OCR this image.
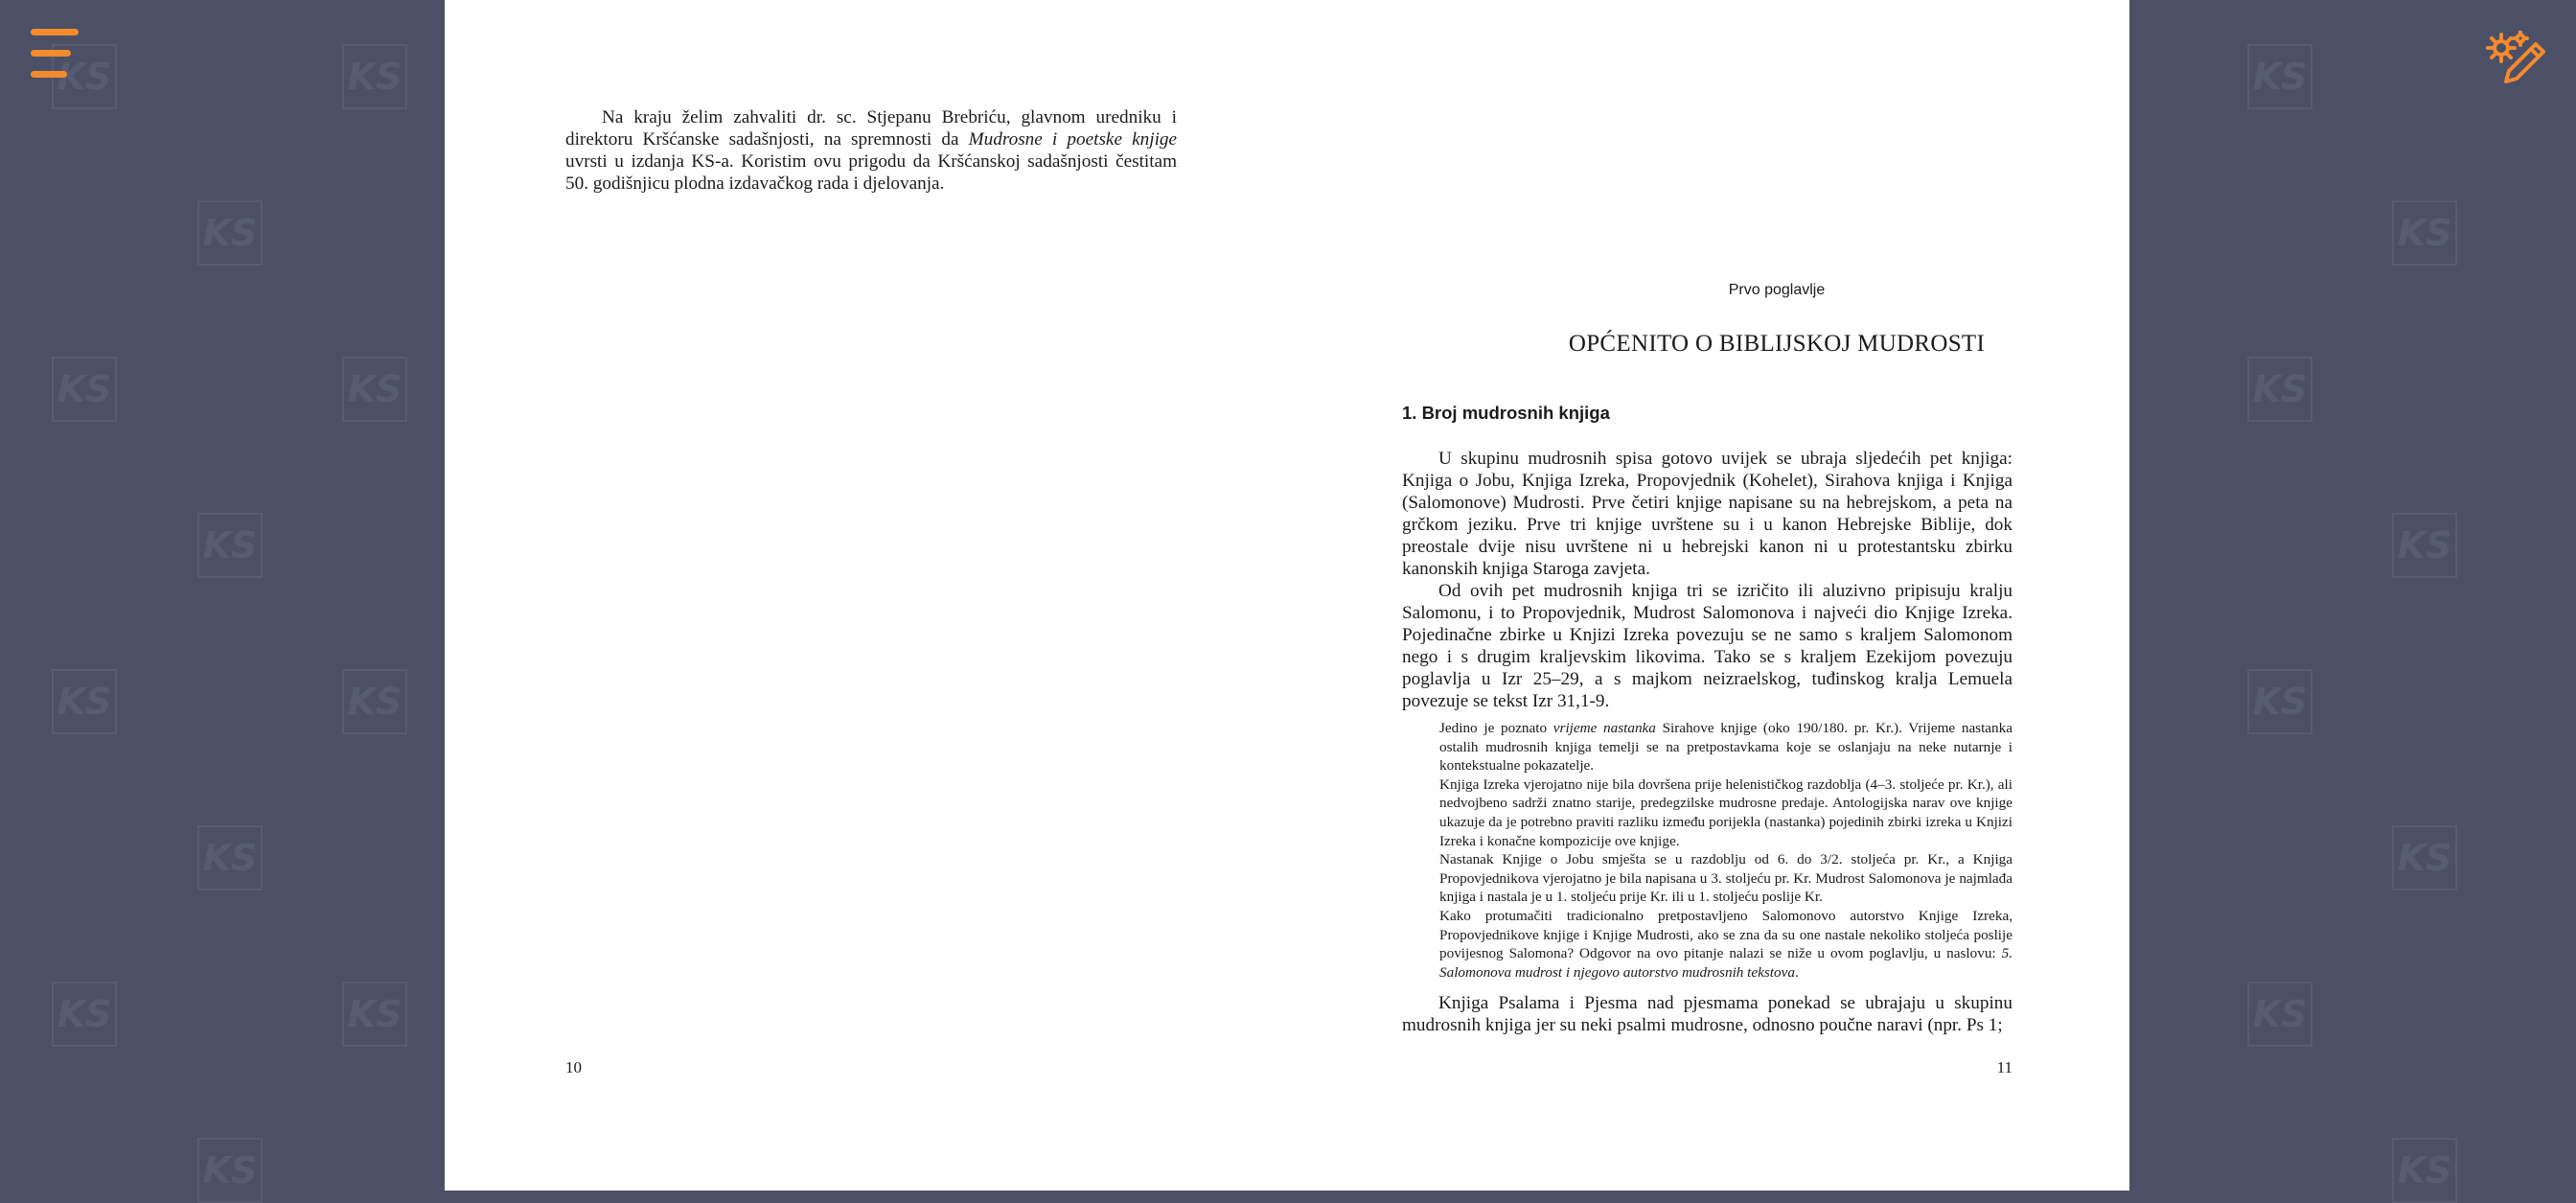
KS	KS	KS
KS	KS
KS	KS	KS
KS	KS
KS	KS	KS
KS	KS
KS	KS	KS
KS	KS

Na kraju želim zahvaliti dr. sc. Stjepanu Brebriću, glavnom uredniku i direktoru Kršćanske sadašnjosti, na spremnosti da Mudrosne i poetske knjige uvrsti u izdanja KS-a. Koristim ovu prigodu da Kršćanskoj sadašnjosti čestitam 50. godišnjicu plodna izdavačkog rada i djelovanja.

10
Prvo poglavlje
OPĆENITO O BIBLIJSKOJ MUDROSTI
1. Broj mudrosnih knjiga

U skupinu mudrosnih spisa gotovo uvijek se ubraja sljedećih pet knjiga: Knjiga o Jobu, Knjiga Izreka, Propovjednik (Kohelet), Sirahova knjiga i Knjiga (Salomonove) Mudrosti. Prve četiri knjige napisane su na hebrejskom, a peta na grčkom jeziku. Prve tri knjige uvrštene su i u kanon Hebrejske Biblije, dok preostale dvije nisu uvrštene ni u hebrejski kanon ni u protestantsku zbirku kanonskih knjiga Staroga zavjeta.

Od ovih pet mudrosnih knjiga tri se izričito ili aluzivno pripisuju kralju Salomonu, i to Propovjednik, Mudrost Salomonova i najveći dio Knjige Izreka. Pojedinačne zbirke u Knjizi Izreka povezuju se ne samo s kraljem Salomonom nego i s drugim kraljevskim likovima. Tako se s kraljem Ezekijom povezuju poglavlja u Izr 25–29, a s majkom neizraelskog, tuđinskog kralja Lemuela povezuje se tekst Izr 31,1-9.

Jedino je poznato vrijeme nastanka Sirahove knjige (oko 190/180. pr. Kr.). Vrijeme nastanka ostalih mudrosnih knjiga temelji se na pretpostavkama koje se oslanjaju na neke nutarnje i kontekstualne pokazatelje.

Knjiga Izreka vjerojatno nije bila dovršena prije helenističkog razdoblja (4–3. stoljeće pr. Kr.), ali nedvojbeno sadrži znatno starije, predegzilske mudrosne predaje. Antologijska narav ove knjige ukazuje da je potrebno praviti razliku između porijekla (nastanka) pojedinih zbirki izreka u Knjizi Izreka i konačne kompozicije ove knjige.

Nastanak Knjige o Jobu smješta se u razdoblju od 6. do 3/2. stoljeća pr. Kr., a Knjiga Propovjednikova vjerojatno je bila napisana u 3. stoljeću pr. Kr. Mudrost Salomonova je najmlađa knjiga i nastala je u 1. stoljeću prije Kr. ili u 1. stoljeću poslije Kr.

Kako protumačiti tradicionalno pretpostavljeno Salomonovo autorstvo Knjige Izreka, Propovjednikove knjige i Knjige Mudrosti, ako se zna da su one nastale nekoliko stoljeća poslije povijesnog Salomona? Odgovor na ovo pitanje nalazi se niže u ovom poglavlju, u naslovu: 5. Salomonova mudrost i njegovo autorstvo mudrosnih tekstova.

Knjiga Psalama i Pjesma nad pjesmama ponekad se ubrajaju u skupinu mudrosnih knjiga jer su neki psalmi mudrosne, odnosno poučne naravi (npr. Ps 1;

11
